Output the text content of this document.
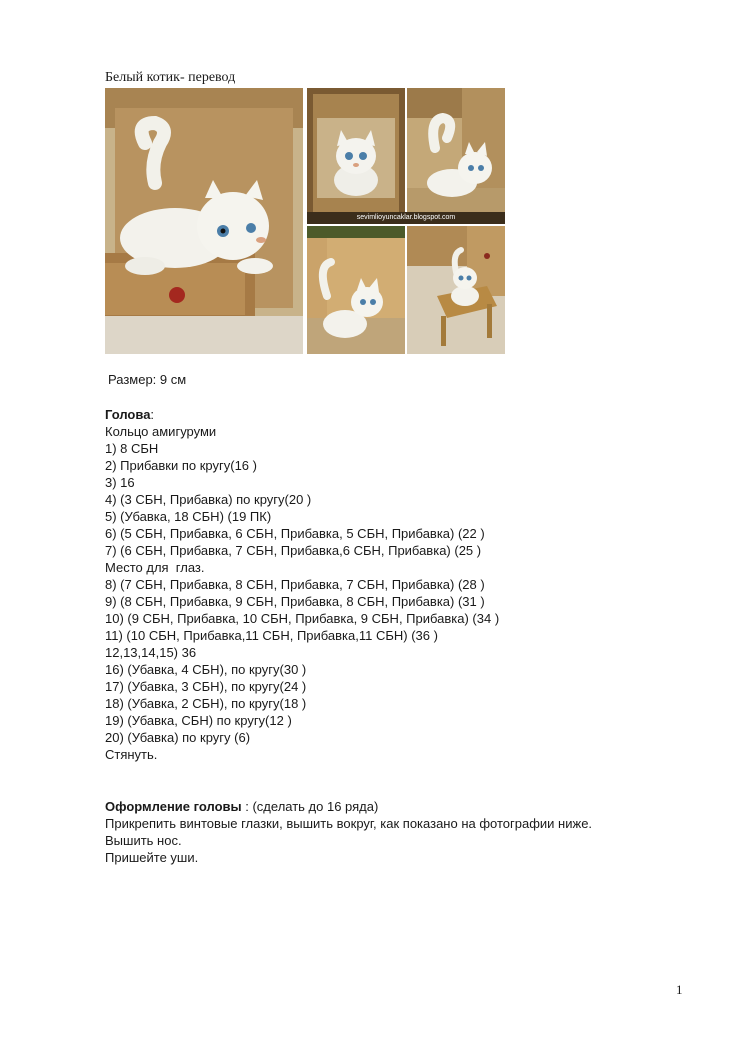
Белый котик- перевод
sevimlioyuncaklar.blogspot.com
Размер: 9 см
Голова:
Кольцо амигуруми
1) 8 СБН
2) Прибавки по кругу(16 )
3) 16
4) (3 СБН, Прибавка) по кругу(20 )
5) (Убавка, 18 СБН) (19 ПК)
6) (5 СБН, Прибавка, 6 СБН, Прибавка, 5 СБН, Прибавка) (22 )
7) (6 СБН, Прибавка, 7 СБН, Прибавка,6 СБН, Прибавка) (25 )
Место для  глаз.
8) (7 СБН, Прибавка, 8 СБН, Прибавка, 7 СБН, Прибавка) (28 )
9) (8 СБН, Прибавка, 9 СБН, Прибавка, 8 СБН, Прибавка) (31 )
10) (9 СБН, Прибавка, 10 СБН, Прибавка, 9 СБН, Прибавка) (34 )
11) (10 СБН, Прибавка,11 СБН, Прибавка,11 СБН) (36 )
12,13,14,15) 36
16) (Убавка, 4 СБН), по кругу(30 )
17) (Убавка, 3 СБН), по кругу(24 )
18) (Убавка, 2 СБН), по кругу(18 )
19) (Убавка, СБН) по кругу(12 )
20) (Убавка) по кругу (6)
Стянуть.
Оформление головы : (сделать до 16 ряда)
Прикрепить винтовые глазки, вышить вокруг, как показано на фотографии ниже.
Вышить нос.
Пришейте уши.
1
